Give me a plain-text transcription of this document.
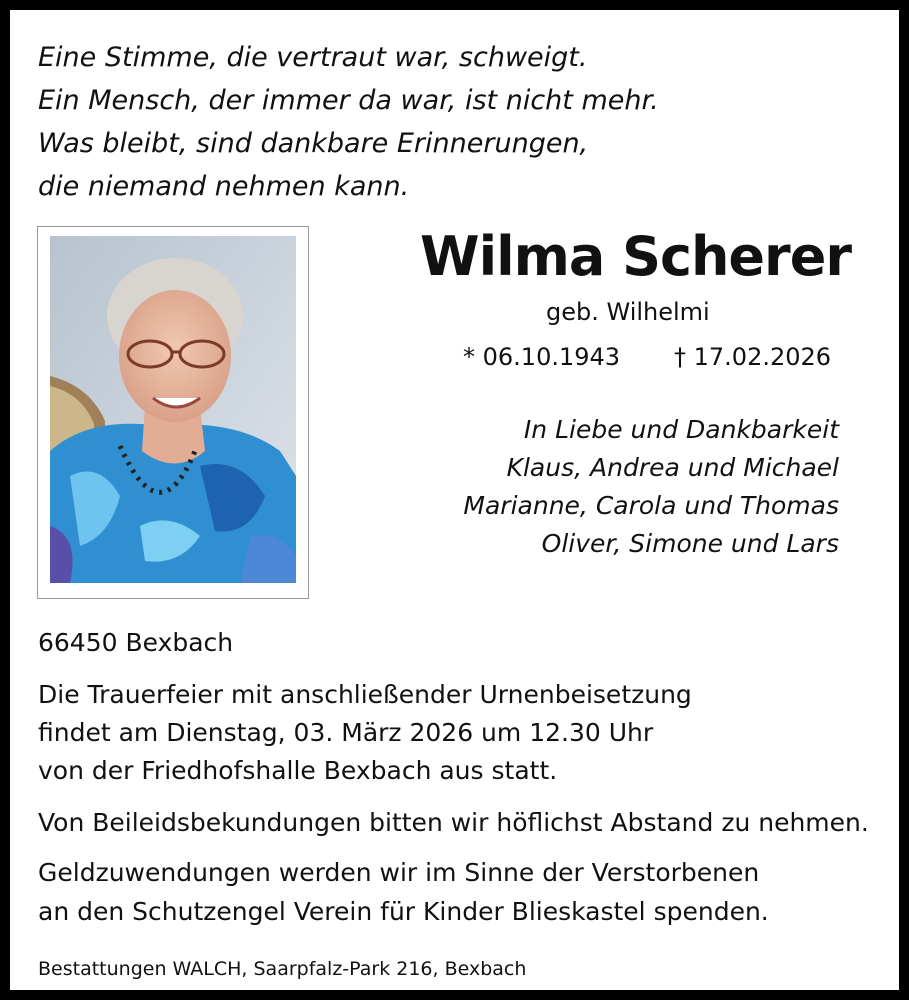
Eine Stimme, die vertraut war, schweigt.
Ein Mensch, der immer da war, ist nicht mehr.
Was bleibt, sind dankbare Erinnerungen,
die niemand nehmen kann.
Wilma Scherer
geb. Wilhelmi
* 06.10.1943 † 17.02.2026
In Liebe und Dankbarkeit
Klaus, Andrea und Michael
Marianne, Carola und Thomas
Oliver, Simone und Lars
66450 Bexbach
Die Trauerfeier mit anschließender Urnenbeisetzung
findet am Dienstag, 03. März 2026 um 12.30 Uhr
von der Friedhofshalle Bexbach aus statt.
Von Beileidsbekundungen bitten wir höflichst Abstand zu nehmen.
Geldzuwendungen werden wir im Sinne der Verstorbenen
an den Schutzengel Verein für Kinder Blieskastel spenden.
Bestattungen WALCH, Saarpfalz-Park 216, Bexbach
